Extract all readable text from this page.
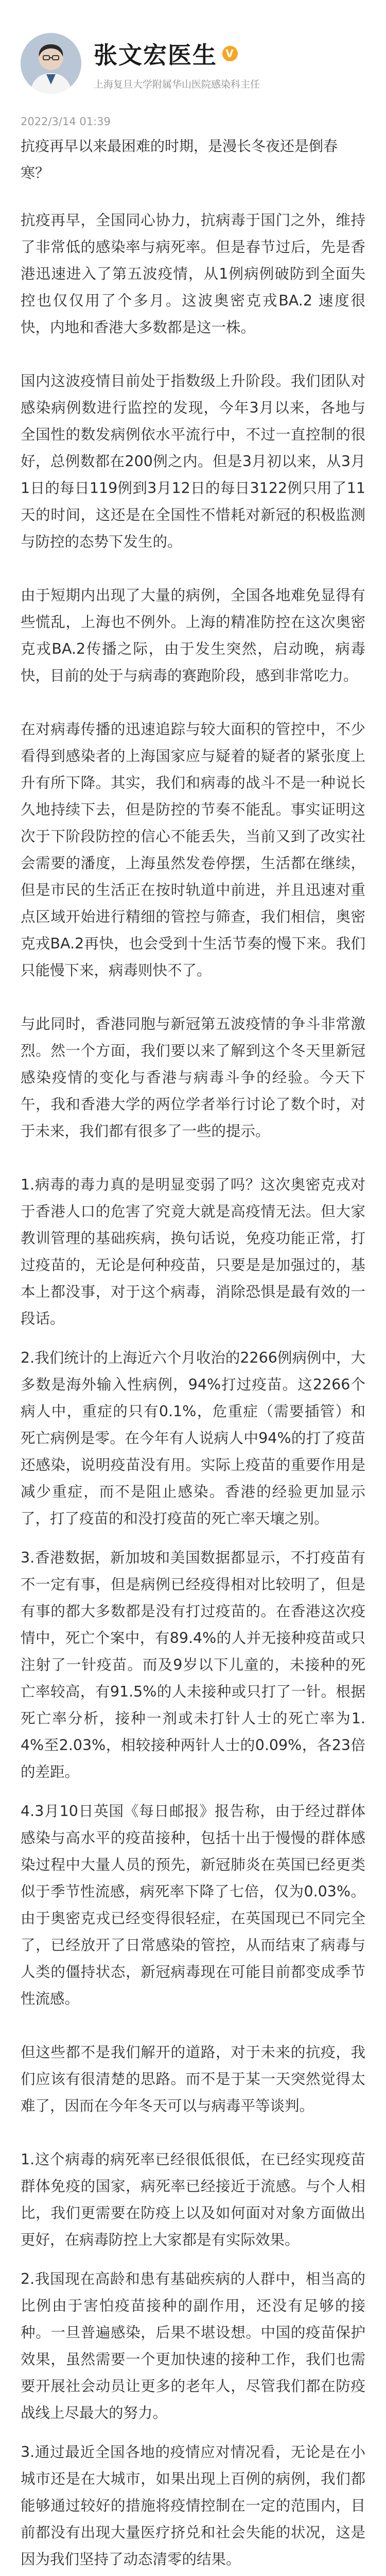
张文宏医生 V
上海复旦大学附属华山医院感染科主任
2022/3/14 01:39
抗疫再早以来最困难的时期，是漫长冬夜还是倒春寒？

抗疫再早，全国同心协力，抗病毒于国门之外，维持了非常低的感染率与病死率。但是春节过后，先是香港迅速进入了第五波疫情，从1例病例破防到全面失控也仅仅用了个多月。这波奥密克戎BA.2 速度很快，内地和香港大多数都是这一株。

国内这波疫情目前处于指数级上升阶段。我们团队对感染病例数进行监控的发现，今年3月以来，各地与全国性的数发病例依水平流行中，不过一直控制的很好，总例数都在200例之内。但是3月初以来，从3月1日的每日119例到3月12日的每日3122例只用了11天的时间，这还是在全国性不惜耗对新冠的积极监测与防控的态势下发生的。

由于短期内出现了大量的病例，全国各地难免显得有些慌乱，上海也不例外。上海的精准防控在这次奥密克戎BA.2传播之际，由于发生突然，启动晚，病毒快，目前的处于与病毒的赛跑阶段，感到非常吃力。

在对病毒传播的迅速追踪与较大面积的管控中，不少看得到感染者的上海国家应与疑着的疑者的紧张度上升有所下降。其实，我们和病毒的战斗不是一种说长久地持续下去，但是防控的节奏不能乱。事实证明这次于下阶段防控的信心不能丢失，当前又到了改实社会需要的潘度，上海虽然发卷停摆，生活都在继续，但是市民的生活正在按时轨道中前进，并且迅速对重点区域开始进行精细的管控与筛查，我们相信，奥密克戎BA.2再快，也会受到十生活节奏的慢下来。我们只能慢下来，病毒则快不了。

与此同时，香港同胞与新冠第五波疫情的争斗非常激烈。然一个方面，我们要以来了解到这个冬天里新冠感染疫情的变化与香港与病毒斗争的经验。今天下午，我和香港大学的两位学者举行讨论了数个时，对于未来，我们都有很多了一些的提示。

1.病毒的毒力真的是明显变弱了吗？这次奥密克戎对于香港人口的危害了究竟大就是高疫情无法。但大家教训管理的基础疾病，换句话说，免疫功能正常，打过疫苗的，无论是何种疫苗，只要是是加强过的，基本上都没事，对于这个病毒，消除恐惧是最有效的一段话。

2.我们统计的上海近六个月收治的2266例病例中，大多数是海外输入性病例，94%打过疫苗。这2266个病人中，重症的只有0.1%，危重症（需要插管）和死亡病例是零。在今年有人说病人中94%的打了疫苗还感染，说明疫苗没有用。实际上疫苗的重要作用是减少重症，而不是阻止感染。香港的经验更加显示了，打了疫苗的和没打疫苗的死亡率天壤之别。

3.香港数据，新加坡和美国数据都显示，不打疫苗有不一定有事，但是病例已经疫得相对比较明了，但是有事的都大多数都是没有打过疫苗的。在香港这次疫情中，死亡个案中，有89.4%的人并无接种疫苗或只注射了一针疫苗。而及9岁以下儿童的，未接种的死亡率较高，有91.5%的人未接种或只打了一针。根据死亡率分析，接种一剂或未打针人士的死亡率为1.4%至2.03%，相较接种两针人士的0.09%，各23倍的差距。

4.3月10日英国《每日邮报》报告称，由于经过群体感染与高水平的疫苗接种，包括十出于慢慢的群体感染过程中大量人员的预先，新冠肺炎在英国已经更类似于季节性流感，病死率下降了七倍，仅为0.03%。由于奥密克戎已经变得很轻症，在英国现已不同完全了，已经放开了日常感染的管控，从而结束了病毒与人类的僵持状态，新冠病毒现在可能目前都变成季节性流感。

但这些都不是我们解开的道路，对于未来的抗疫，我们应该有很清楚的思路。而不是于某一天突然觉得太难了，因而在今年冬天可以与病毒平等谈判。

1.这个病毒的病死率已经很低很低，在已经实现疫苗群体免疫的国家，病死率已经接近于流感。与个人相比，我们更需要在防疫上以及如何面对对象方面做出更好，在病毒防控上大家都是有实际效果。

2.我国现在高龄和患有基础疾病的人群中，相当高的比例由于害怕疫苗接种的副作用，还没有足够的接种。一旦普遍感染，后果不堪设想。中国的疫苗保护效果，虽然需要一个更加快速的接种工作，我们也需要开展社会动员让更多的老年人，尽管我们都在防疫战线上尽最大的努力。

3.通过最近全国各地的疫情应对情况看，无论是在小城市还是在大城市，如果出现上百例的病例，我们都能够通过较好的措施将疫情控制在一定的范围内，目前都没有出现大量医疗挤兑和社会失能的状况，这是因为我们坚持了动态清零的结果。
